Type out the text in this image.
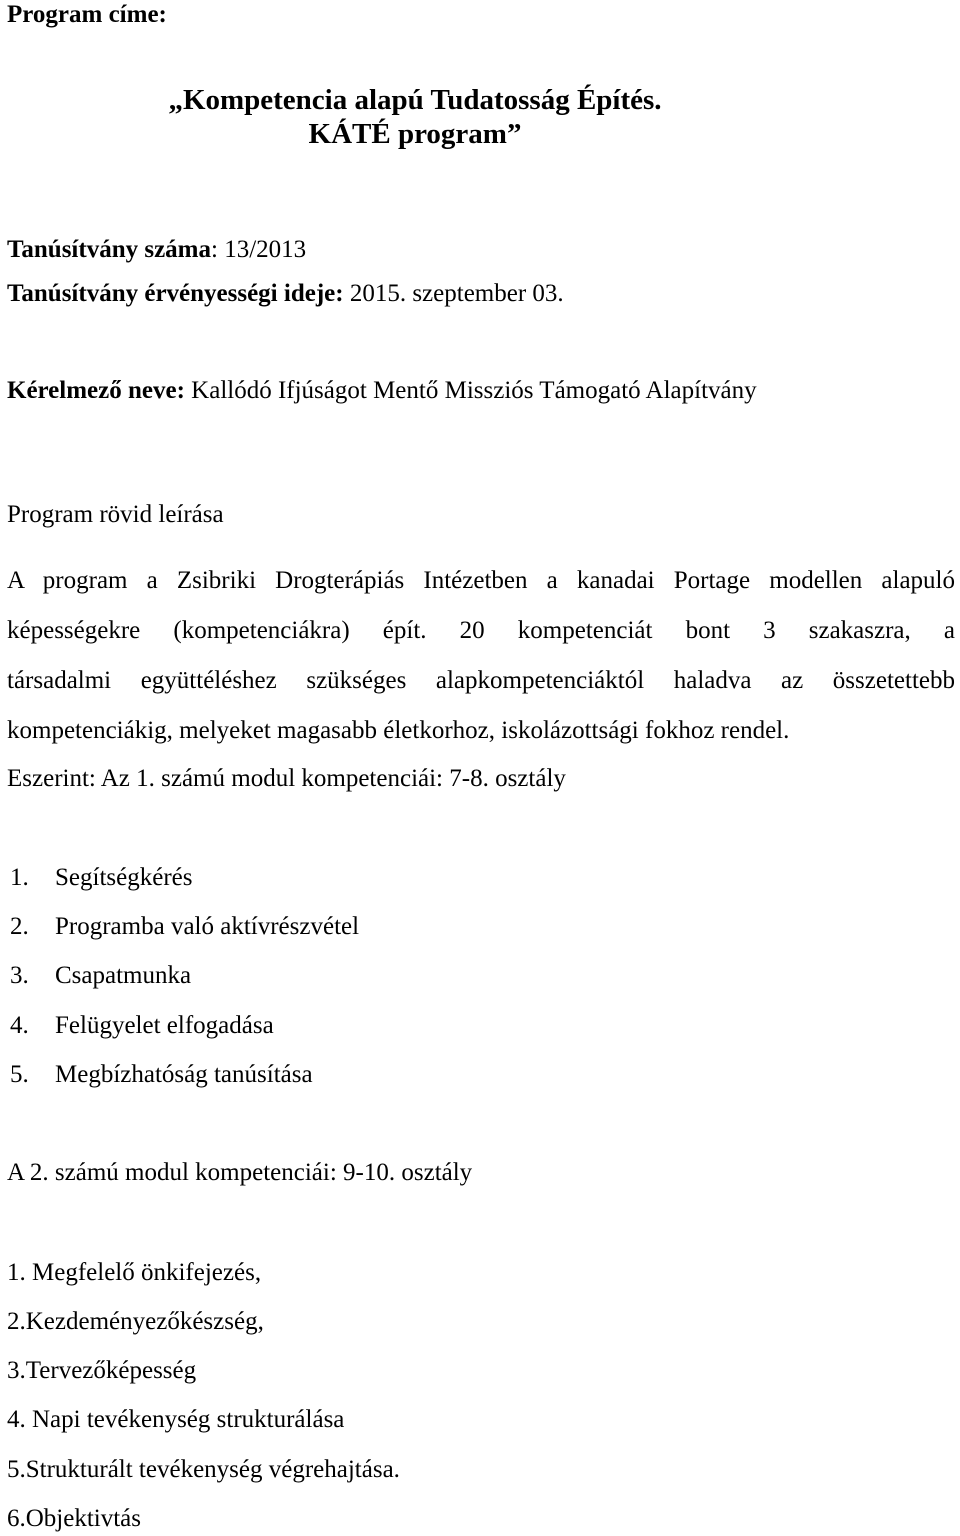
Program címe:
„Kompetencia alapú Tudatosság Építés.
KÁTÉ program”
Tanúsítvány száma: 13/2013
Tanúsítvány érvényességi ideje: 2015. szeptember 03.
Kérelmező neve: Kallódó Ifjúságot Mentő Missziós Támogató Alapítvány
Program rövid leírása
A program a Zsibriki Drogterápiás Intézetben a kanadai Portage modellen alapuló
képességekre (kompetenciákra) épít. 20 kompetenciát bont 3 szakaszra, a
társadalmi együttéléshez szükséges alapkompetenciáktól haladva az összetettebb
kompetenciákig, melyeket magasabb életkorhoz, iskolázottsági fokhoz rendel.
Eszerint: Az 1. számú modul kompetenciái: 7-8. osztály
1. Segítségkérés
2. Programba való aktívrészvétel
3. Csapatmunka
4. Felügyelet elfogadása
5. Megbízhatóság tanúsítása
A 2. számú modul kompetenciái: 9-10. osztály
1. Megfelelő önkifejezés,
2.Kezdeményezőkészség,
3.Tervezőképesség
4. Napi tevékenység strukturálása
5.Strukturált tevékenység végrehajtása.
6.Objektivtás
